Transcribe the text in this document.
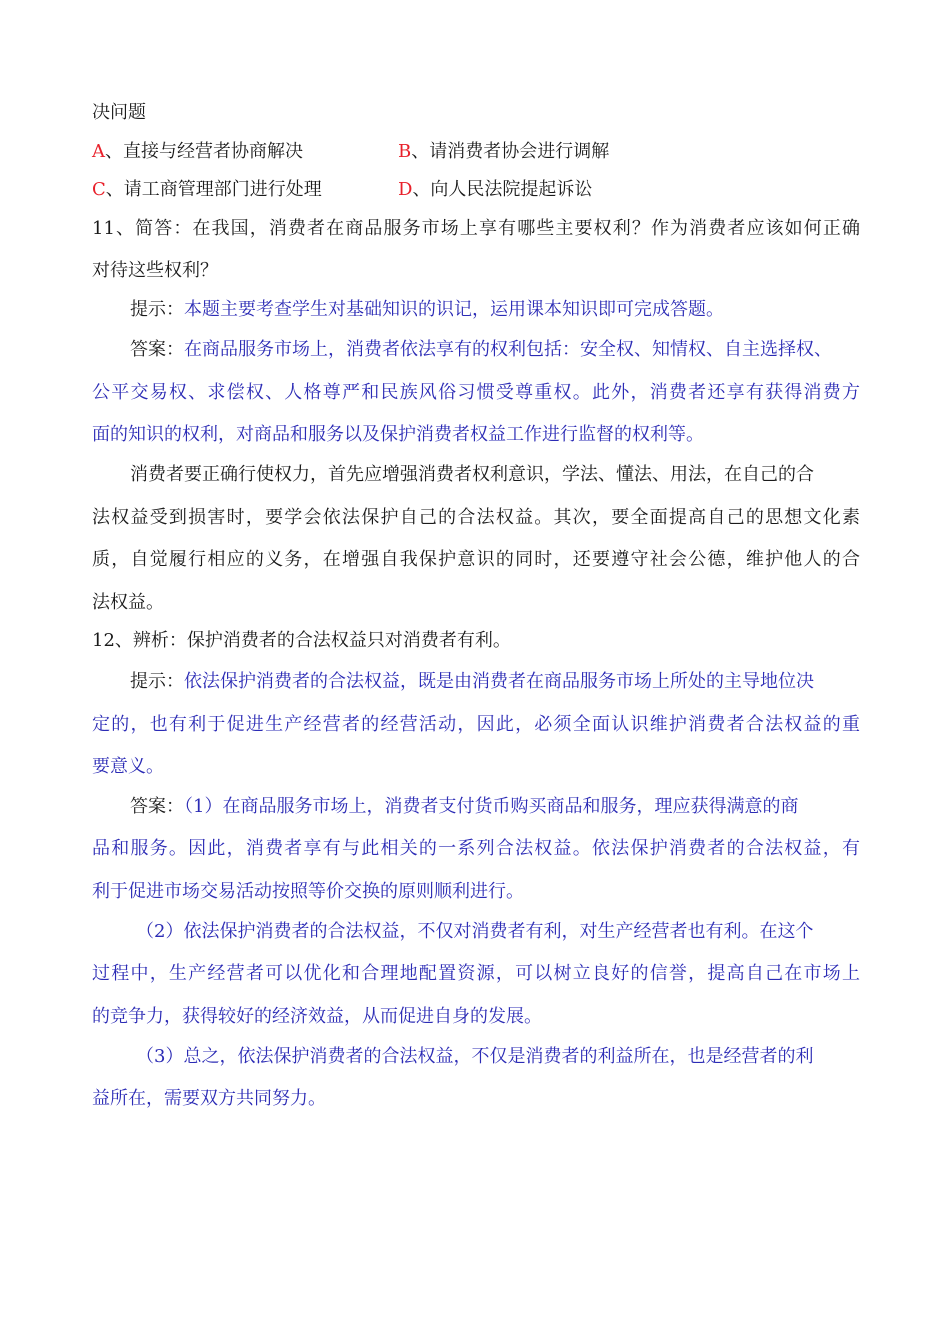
决问题
A、直接与经营者协商解决	B、请消费者协会进行调解
C、请工商管理部门进行处理	D、向人民法院提起诉讼
11、简答：在我国，消费者在商品服务市场上享有哪些主要权利？作为消费者应该如何正确
对待这些权利？
提示：本题主要考查学生对基础知识的识记，运用课本知识即可完成答题。
答案：在商品服务市场上，消费者依法享有的权利包括：安全权、知情权、自主选择权、
公平交易权、求偿权、人格尊严和民族风俗习惯受尊重权。此外，消费者还享有获得消费方
面的知识的权利，对商品和服务以及保护消费者权益工作进行监督的权利等。
消费者要正确行使权力，首先应增强消费者权利意识，学法、懂法、用法，在自己的合
法权益受到损害时，要学会依法保护自己的合法权益。其次，要全面提高自己的思想文化素
质，自觉履行相应的义务，在增强自我保护意识的同时，还要遵守社会公德，维护他人的合
法权益。
12、辨析：保护消费者的合法权益只对消费者有利。
提示：依法保护消费者的合法权益，既是由消费者在商品服务市场上所处的主导地位决
定的，也有利于促进生产经营者的经营活动，因此，必须全面认识维护消费者合法权益的重
要意义。
答案：（1）在商品服务市场上，消费者支付货币购买商品和服务，理应获得满意的商
品和服务。因此，消费者享有与此相关的一系列合法权益。依法保护消费者的合法权益，有
利于促进市场交易活动按照等价交换的原则顺利进行。
（2）依法保护消费者的合法权益，不仅对消费者有利，对生产经营者也有利。在这个
过程中，生产经营者可以优化和合理地配置资源，可以树立良好的信誉，提高自己在市场上
的竞争力，获得较好的经济效益，从而促进自身的发展。
（3）总之，依法保护消费者的合法权益，不仅是消费者的利益所在，也是经营者的利
益所在，需要双方共同努力。
